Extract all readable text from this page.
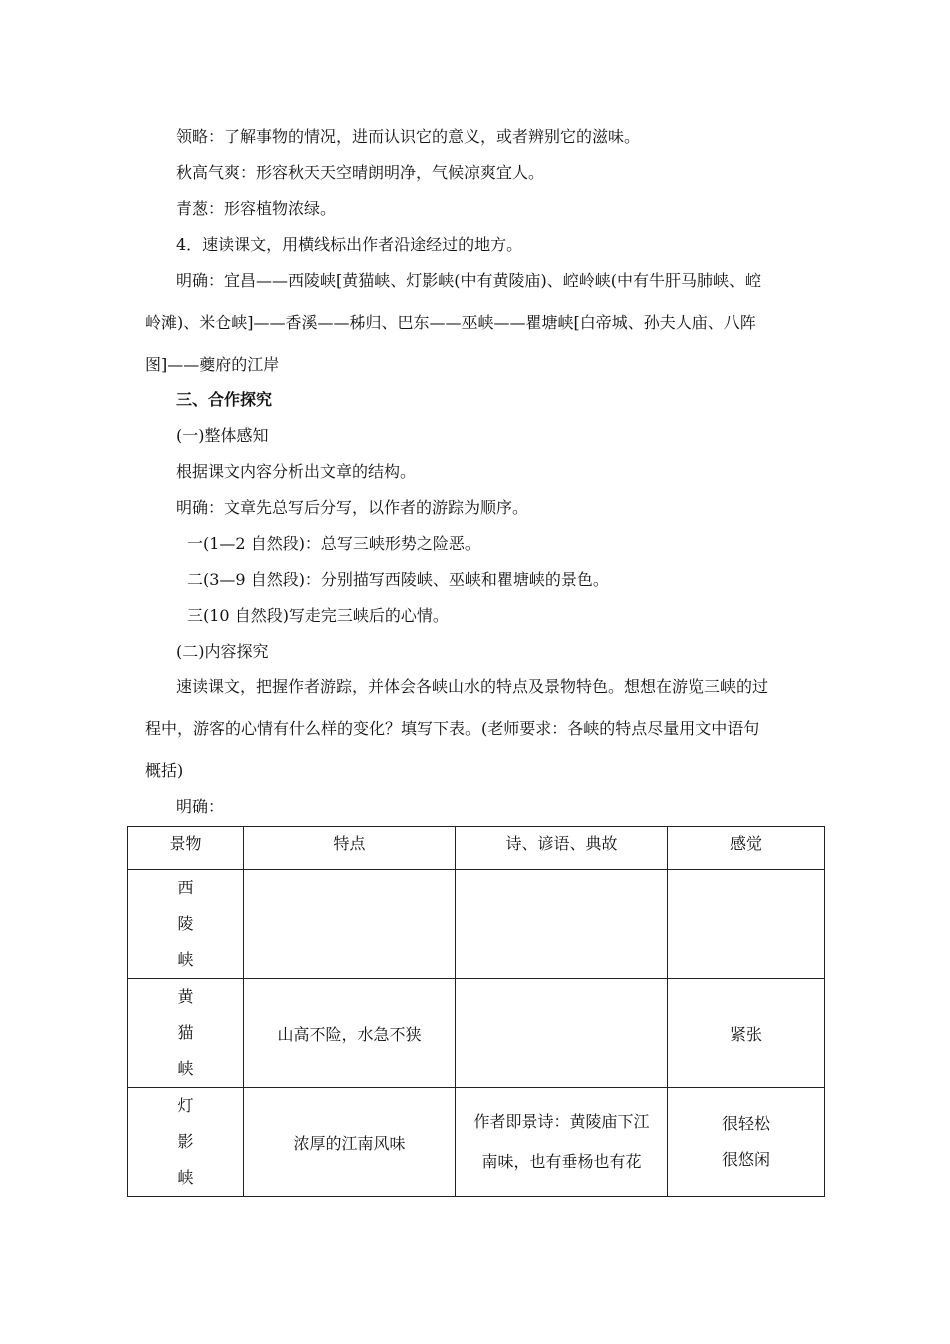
领略：了解事物的情况，进而认识它的意义，或者辨别它的滋味。
秋高气爽：形容秋天天空晴朗明净，气候凉爽宜人。
青葱：形容植物浓绿。
4．速读课文，用横线标出作者沿途经过的地方。
明确：宜昌——西陵峡[黄猫峡、灯影峡(中有黄陵庙)、崆岭峡(中有牛肝马肺峡、崆
岭滩)、米仓峡]——香溪——秭归、巴东——巫峡——瞿塘峡[白帝城、孙夫人庙、八阵
图]——夔府的江岸
三、合作探究
(一)整体感知
根据课文内容分析出文章的结构。
明确：文章先总写后分写，以作者的游踪为顺序。
一(1—2 自然段)：总写三峡形势之险恶。
二(3—9 自然段)：分别描写西陵峡、巫峡和瞿塘峡的景色。
三(10 自然段)写走完三峡后的心情。
(二)内容探究
速读课文，把握作者游踪，并体会各峡山水的特点及景物特色。想想在游览三峡的过
程中，游客的心情有什么样的变化？填写下表。(老师要求：各峡的特点尽量用文中语句
概括)
明确：
景物	特点	诗、谚语、典故	感觉
西
陵
峡			
黄
猫
峡	山高不险，水急不狭		紧张
灯
影
峡	浓厚的江南风味	作者即景诗：黄陵庙下江
南味，也有垂杨也有花	很轻松
很悠闲
